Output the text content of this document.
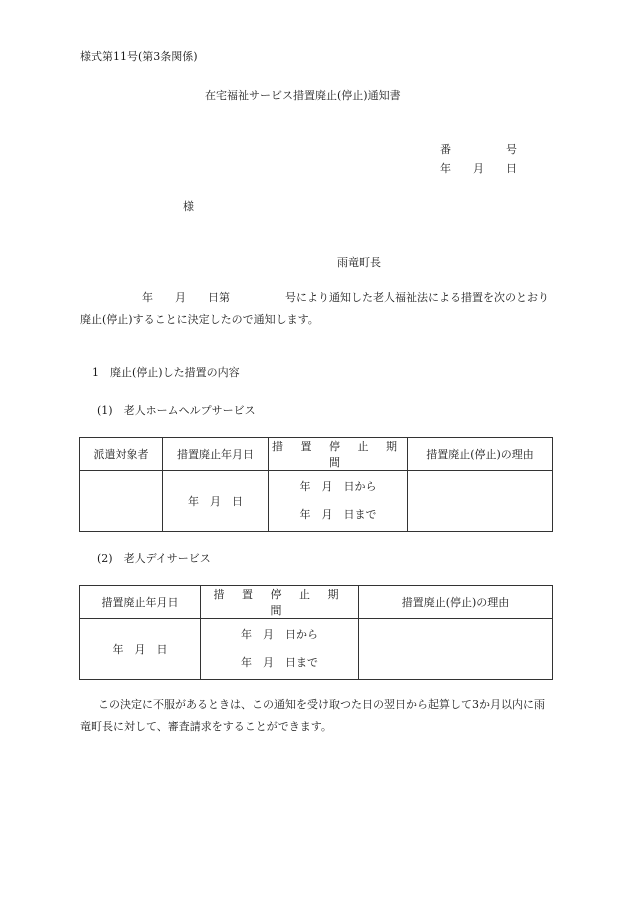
様式第11号(第3条関係)
在宅福祉サービス措置廃止(停止)通知書
番　　　　　号
年　　月　　日
様
雨竜町長
年　　月　　日第　　　　　号により通知した老人福祉法による措置を次のとおり廃止(停止)することに決定したので通知します。
1　廃止(停止)した措置の内容
(1)　老人ホームヘルプサービス
派遣対象者	措置廃止年月日	措 置 停 止 期 間	措置廃止(停止)の理由
	年　月　日	年　月　日から
年　月　日まで	

(2)　老人デイサービス
措置廃止年月日	措 置 停 止 期 間	措置廃止(停止)の理由
年　月　日	年　月　日から
年　月　日まで	

この決定に不服があるときは、この通知を受け取つた日の翌日から起算して3か月以内に雨竜町長に対して、審査請求をすることができます。
